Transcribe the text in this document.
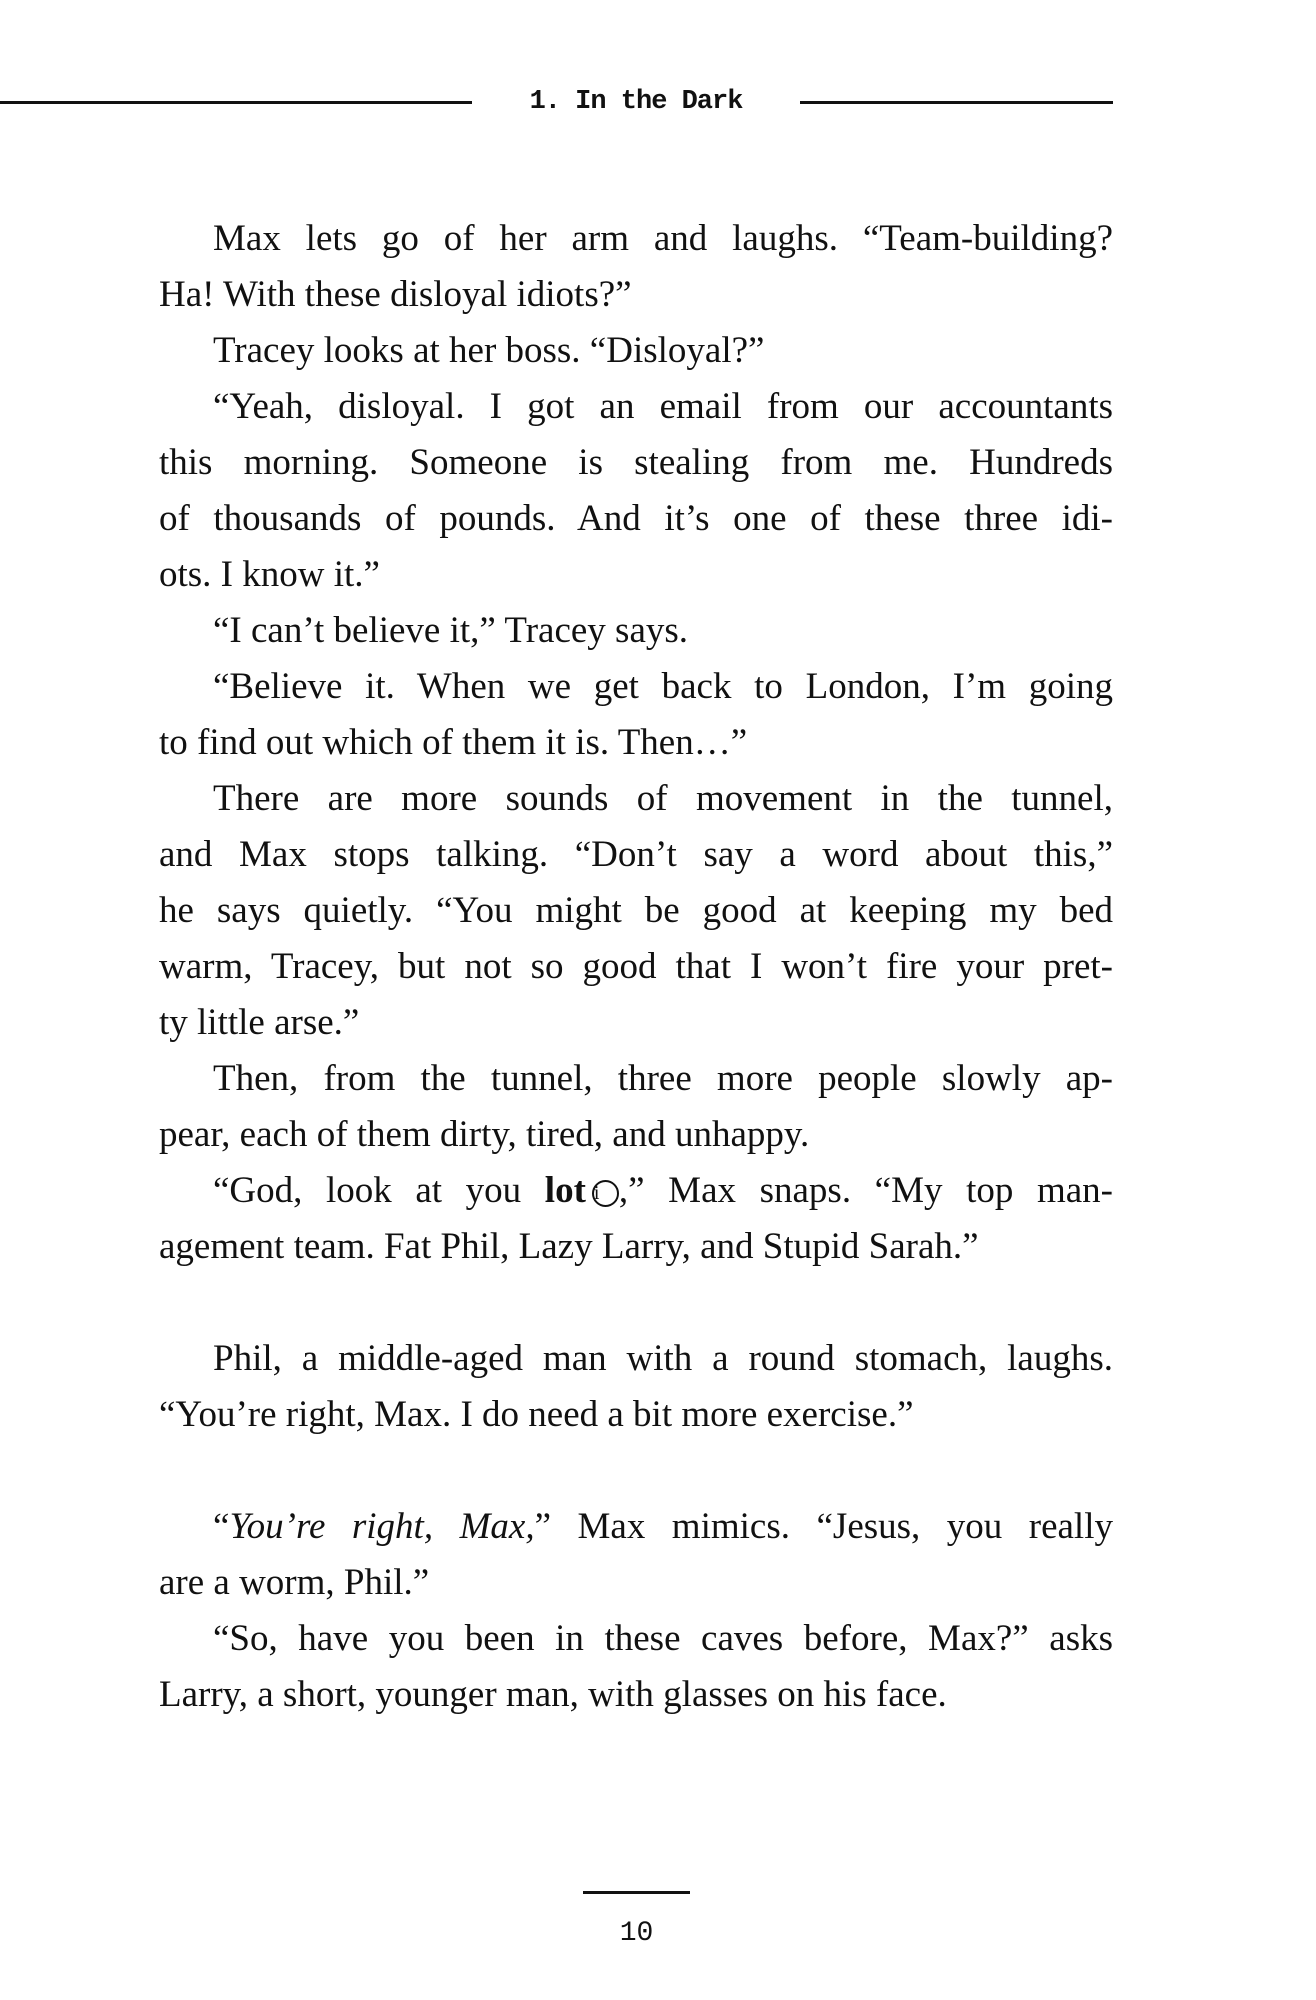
1. In the Dark
Max lets go of her arm and laughs. “Team-building?
Ha! With these disloyal idiots?”
Tracey looks at her boss. “Disloyal?”
“Yeah, disloyal. I got an email from our accountants
this morning. Someone is stealing from me. Hundreds
of thousands of pounds. And it’s one of these three idi-
ots. I know it.”
“I can’t believe it,” Tracey says.
“Believe it. When we get back to London, I’m going
to find out which of them it is. Then…”
There are more sounds of movement in the tunnel,
and Max stops talking. “Don’t say a word about this,”
he says quietly. “You might be good at keeping my bed
warm, Tracey, but not so good that I won’t fire your pret-
ty little arse.”
Then, from the tunnel, three more people slowly ap-
pear, each of them dirty, tired, and unhappy.
“God, look at you lot i ,” Max snaps. “My top man-
agement team. Fat Phil, Lazy Larry, and Stupid Sarah.”
Phil, a middle-aged man with a round stomach, laughs.
“You’re right, Max. I do need a bit more exercise.”
“You’re right, Max,” Max mimics. “Jesus, you really
are a worm, Phil.”
“So, have you been in these caves before, Max?” asks
Larry, a short, younger man, with glasses on his face.
10
